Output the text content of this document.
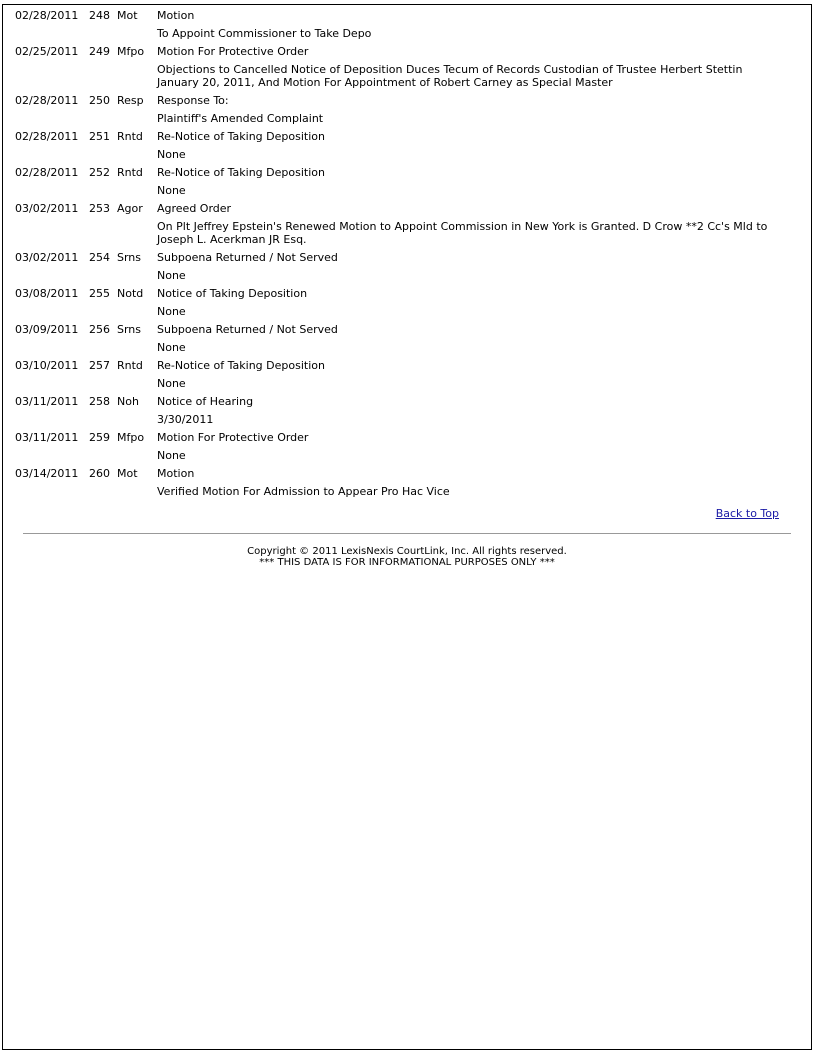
02/28/2011	248	Mot	Motion
			To Appoint Commissioner to Take Depo
02/25/2011	249	Mfpo	Motion For Protective Order
			Objections to Cancelled Notice of Deposition Duces Tecum of Records Custodian of Trustee Herbert Stettin January 20, 2011, And Motion For Appointment of Robert Carney as Special Master
02/28/2011	250	Resp	Response To:
			Plaintiff's Amended Complaint
02/28/2011	251	Rntd	Re-Notice of Taking Deposition
			None
02/28/2011	252	Rntd	Re-Notice of Taking Deposition
			None
03/02/2011	253	Agor	Agreed Order
			On Plt Jeffrey Epstein's Renewed Motion to Appoint Commission in New York is Granted. D Crow **2 Cc's Mld to Joseph L. Acerkman JR Esq.
03/02/2011	254	Srns	Subpoena Returned / Not Served
			None
03/08/2011	255	Notd	Notice of Taking Deposition
			None
03/09/2011	256	Srns	Subpoena Returned / Not Served
			None
03/10/2011	257	Rntd	Re-Notice of Taking Deposition
			None
03/11/2011	258	Noh	Notice of Hearing
			3/30/2011
03/11/2011	259	Mfpo	Motion For Protective Order
			None
03/14/2011	260	Mot	Motion
			Verified Motion For Admission to Appear Pro Hac Vice
Back to Top
Copyright © 2011 LexisNexis CourtLink, Inc. All rights reserved.
*** THIS DATA IS FOR INFORMATIONAL PURPOSES ONLY ***
